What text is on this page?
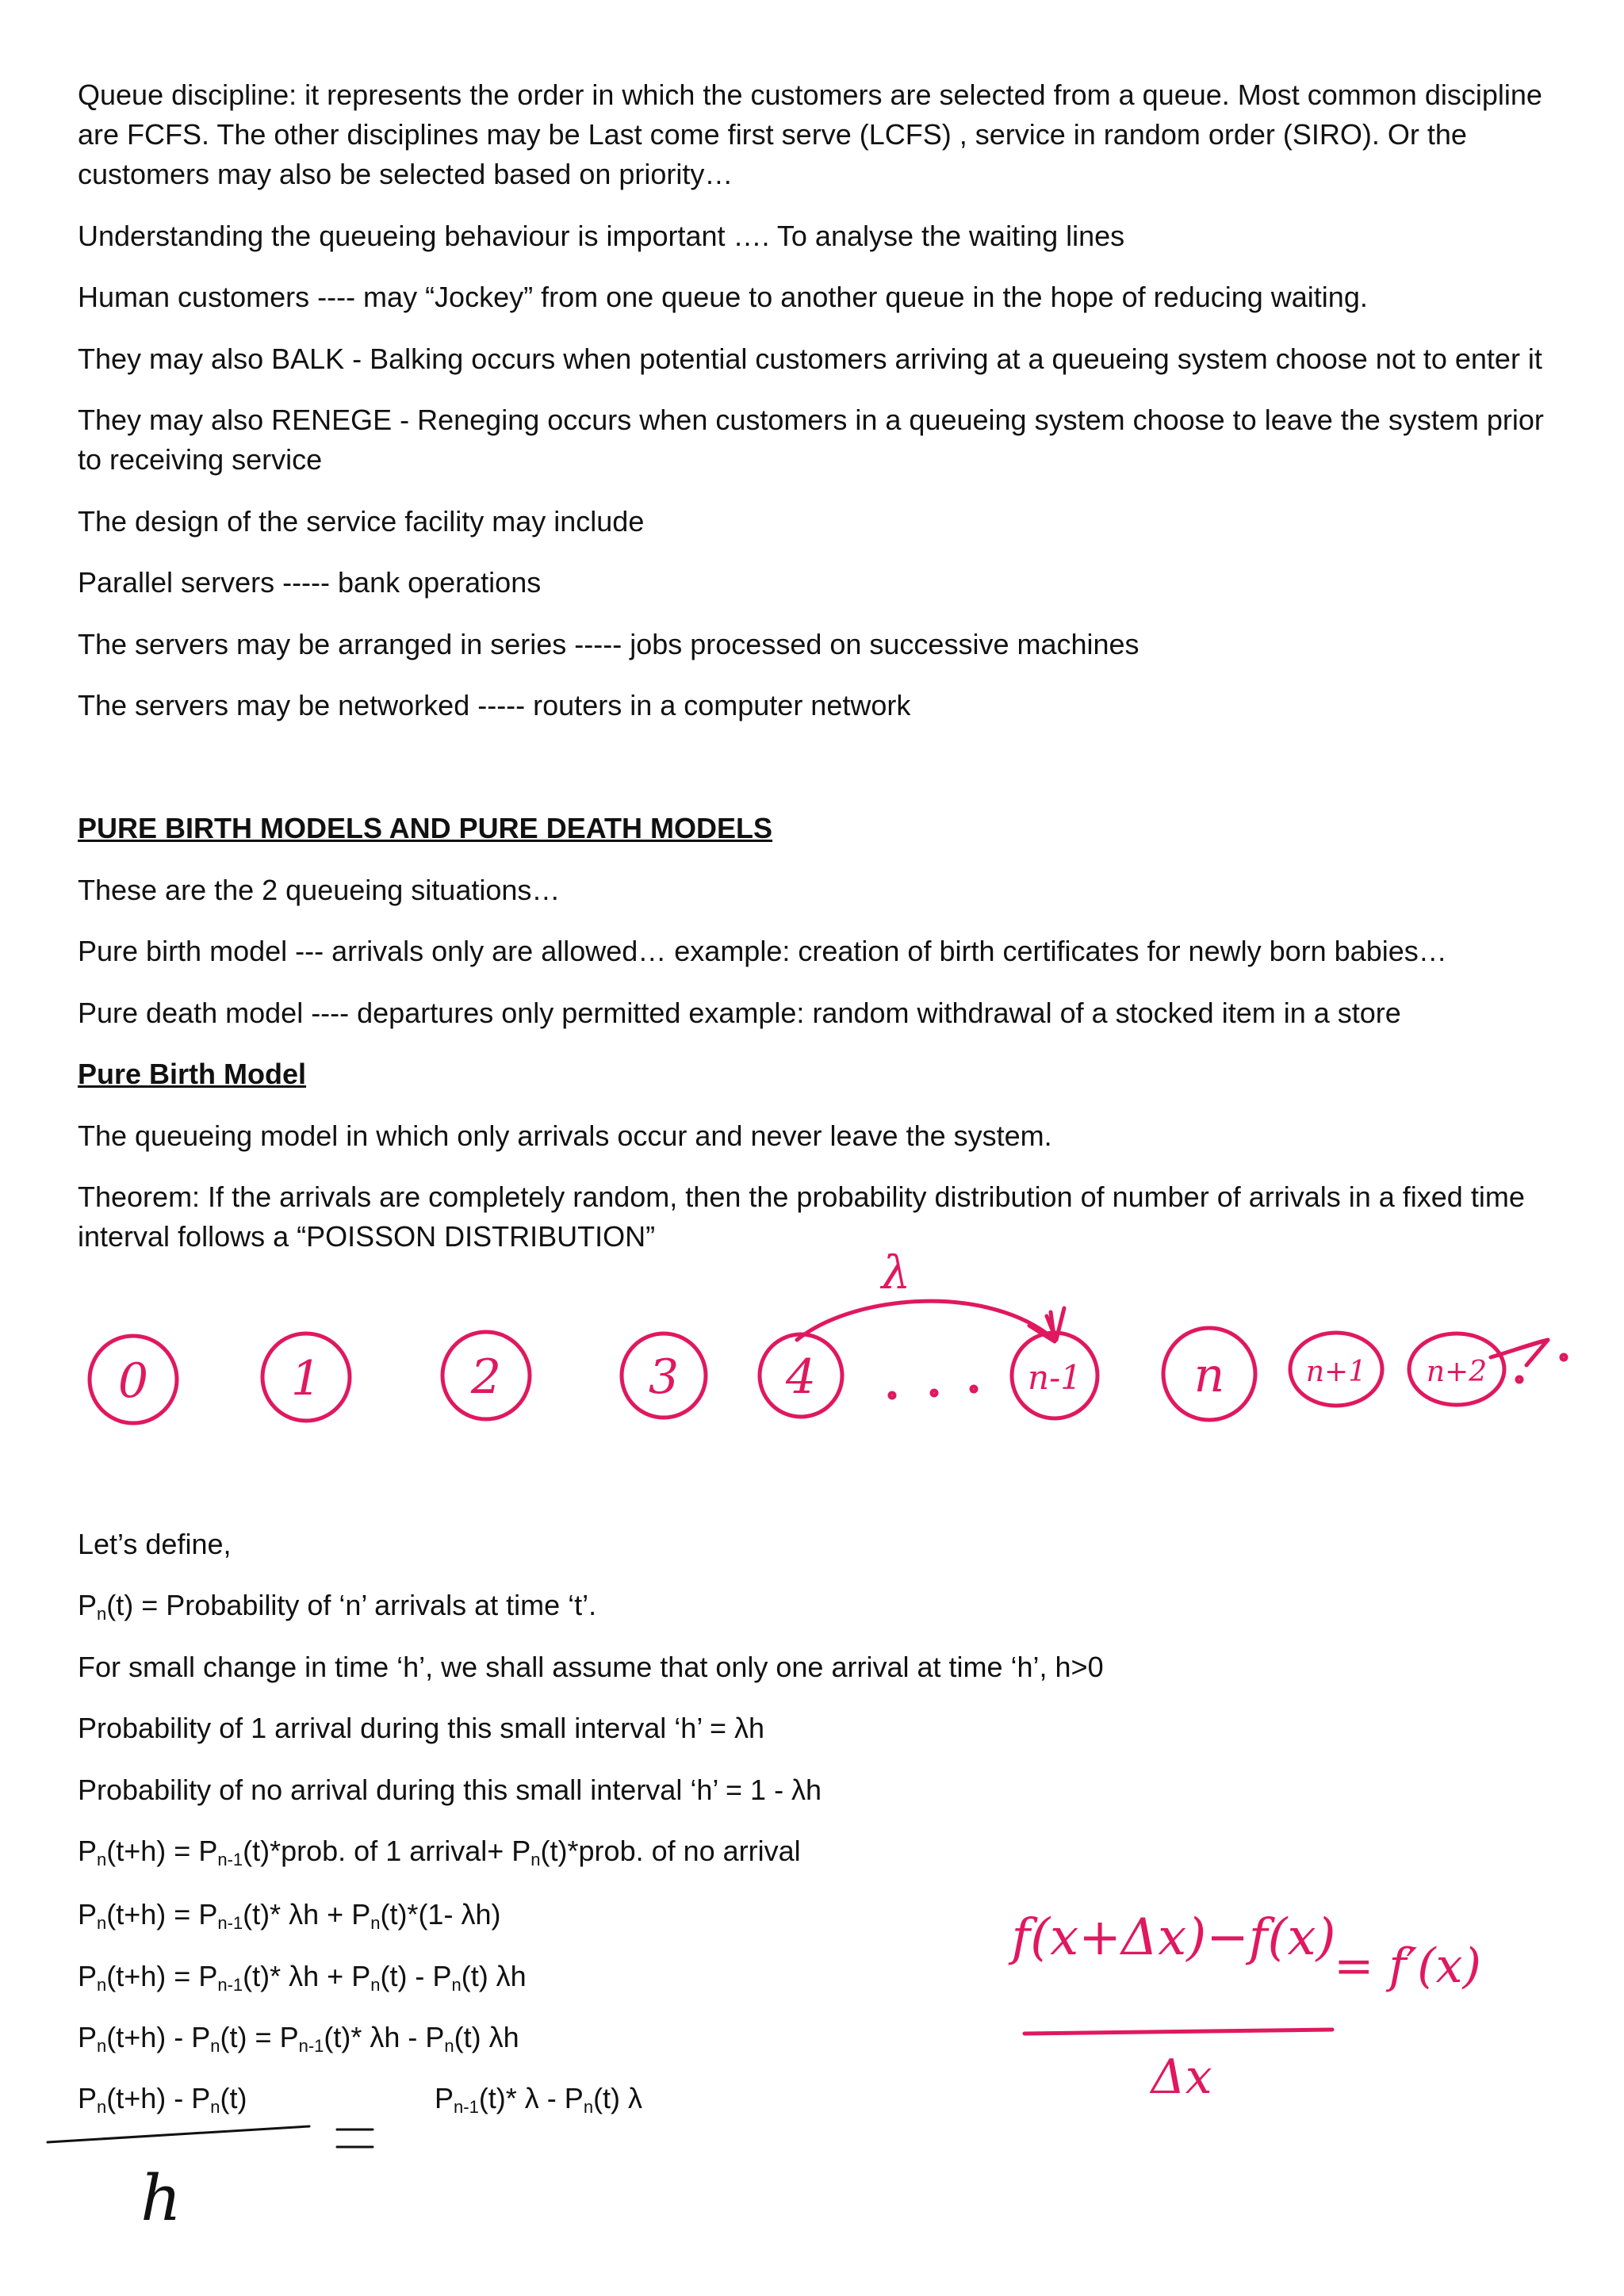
Queue discipline: it represents the order in which the customers are selected from a queue. Most common discipline are FCFS. The other disciplines may be Last come first serve (LCFS) , service in random order (SIRO). Or the customers may also be selected based on priority…

Understanding the queueing behaviour is important …. To analyse the waiting lines

Human customers ---- may “Jockey” from one queue to another queue in the hope of reducing waiting.

They may also BALK - Balking occurs when potential customers arriving at a queueing system choose not to enter it

They may also RENEGE - Reneging occurs when customers in a queueing system choose to leave the system prior to receiving service

The design of the service facility may include

Parallel servers ----- bank operations

The servers may be arranged in series ----- jobs processed on successive machines

The servers may be networked ----- routers in a computer network

PURE BIRTH MODELS AND PURE DEATH MODELS

These are the 2 queueing situations…

Pure birth model --- arrivals only are allowed… example: creation of birth certificates for newly born babies…

Pure death model ---- departures only permitted example: random withdrawal of a stocked item in a store

Pure Birth Model

The queueing model in which only arrivals occur and never leave the system.

Theorem: If the arrivals are completely random, then the probability distribution of number of arrivals in a fixed time interval follows a “POISSON DISTRIBUTION”

Let’s define,

$P_n(t)$ = Probability of ‘n’ arrivals at time ‘t’.

For small change in time ‘h’, we shall assume that only one arrival at time ‘h’, h>0

Probability of 1 arrival during this small interval ‘h’ = λh

Probability of no arrival during this small interval ‘h’ = 1 - λh

$P_n(t+h)$ = $P_{n-1}(t)*prob$. of 1 arrival+ $P_n(t)*prob$. of no arrival
$P_n(t+h) = P_{n-1}(t)*$ $\lambda h + P_n(t)*(1-$ λh)
$P_n(t+h) = P_{n-1}(t)*$ $\lambda h + P_n(t) - P_n(t)$ λh
$P_n(t+h) - P_n(t) = P_{n-1}(t)*$ λh - $P_n(t)$ λh
$P_n(t+h) - P_n(t)$	$P_{n-1}(t)*$ λ - $P_n(t)$ λ
0	1	2	3 4	n-1 n	n+1 n+2
λ
f(x+Δx)−f(x)
Δx
= f′(x)
h
